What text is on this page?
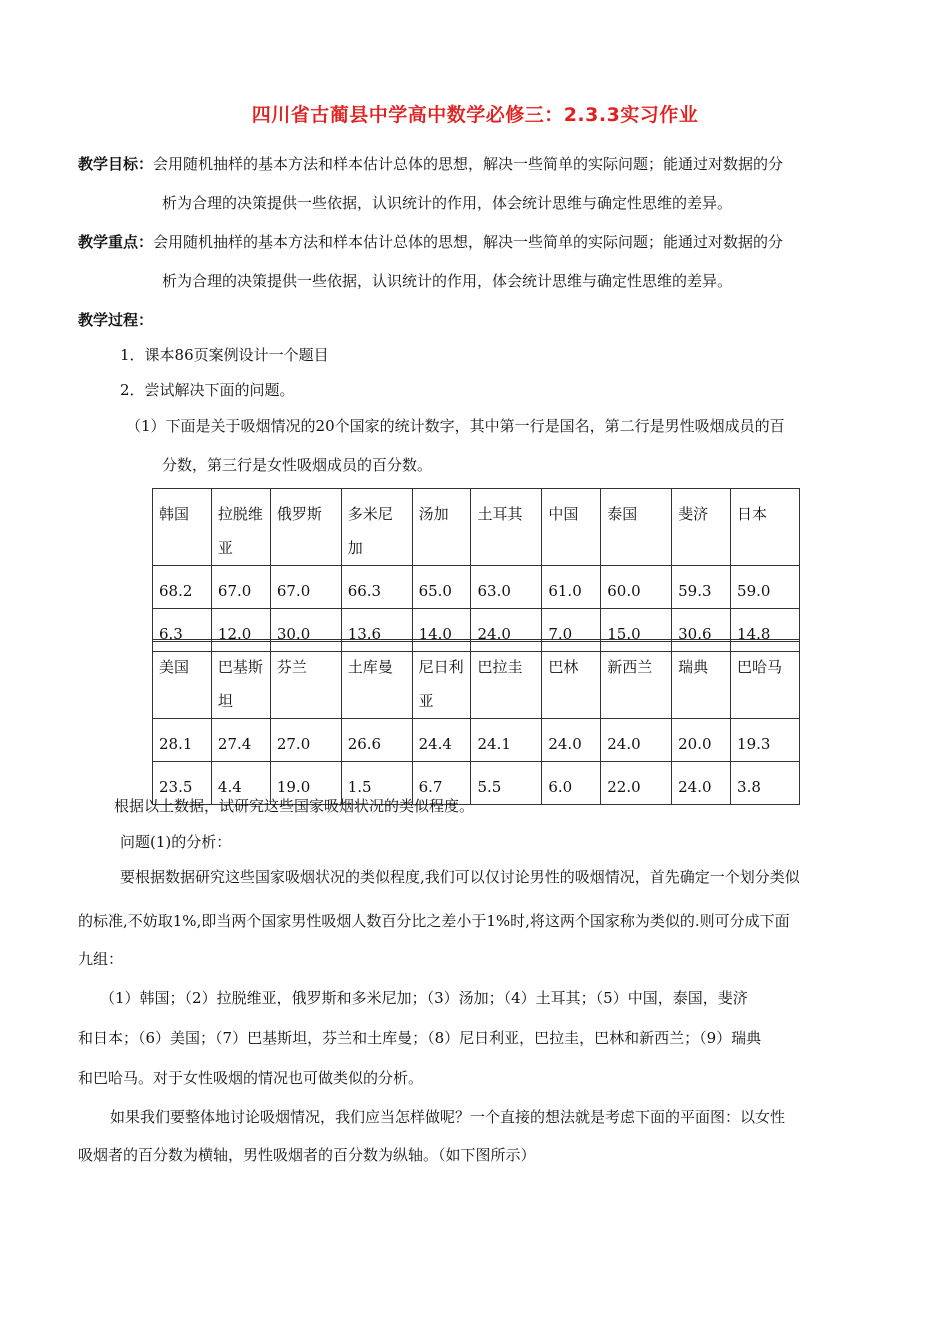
四川省古蔺县中学高中数学必修三：2.3.3实习作业
教学目标：会用随机抽样的基本方法和样本估计总体的思想，解决一些简单的实际问题；能通过对数据的分
析为合理的决策提供一些依据，认识统计的作用，体会统计思维与确定性思维的差异。
教学重点：会用随机抽样的基本方法和样本估计总体的思想，解决一些简单的实际问题；能通过对数据的分
析为合理的决策提供一些依据，认识统计的作用，体会统计思维与确定性思维的差异。
教学过程：
1．课本86页案例设计一个题目
2．尝试解决下面的问题。
（1）下面是关于吸烟情况的20个国家的统计数字，其中第一行是国名，第二行是男性吸烟成员的百
分数，第三行是女性吸烟成员的百分数。
韩国	拉脱维亚	俄罗斯	多米尼加	汤加	土耳其	中国	泰国	斐济	日本
68.2	67.0	67.0	66.3	65.0	63.0	61.0	60.0	59.3	59.0
6.3	12.0	30.0	13.6	14.0	24.0	7.0	15.0	30.6	14.8
美国	巴基斯坦	芬兰	土库曼	尼日利亚	巴拉圭	巴林	新西兰	瑞典	巴哈马
28.1	27.4	27.0	26.6	24.4	24.1	24.0	24.0	20.0	19.3
23.5	4.4	19.0	1.5	6.7	5.5	6.0	22.0	24.0	3.8
根据以上数据，试研究这些国家吸烟状况的类似程度。
问题(1)的分析：
要根据数据研究这些国家吸烟状况的类似程度,我们可以仅讨论男性的吸烟情况，首先确定一个划分类似
的标准,不妨取1%,即当两个国家男性吸烟人数百分比之差小于1%时,将这两个国家称为类似的.则可分成下面
九组：
（1）韩国；（2）拉脱维亚，俄罗斯和多米尼加；（3）汤加；（4）土耳其；（5）中国，泰国，斐济
和日本；（6）美国；（7）巴基斯坦，芬兰和土库曼；（8）尼日利亚，巴拉圭，巴林和新西兰；（9）瑞典
和巴哈马。对于女性吸烟的情况也可做类似的分析。
如果我们要整体地讨论吸烟情况，我们应当怎样做呢？一个直接的想法就是考虑下面的平面图：以女性
吸烟者的百分数为横轴，男性吸烟者的百分数为纵轴。（如下图所示）
